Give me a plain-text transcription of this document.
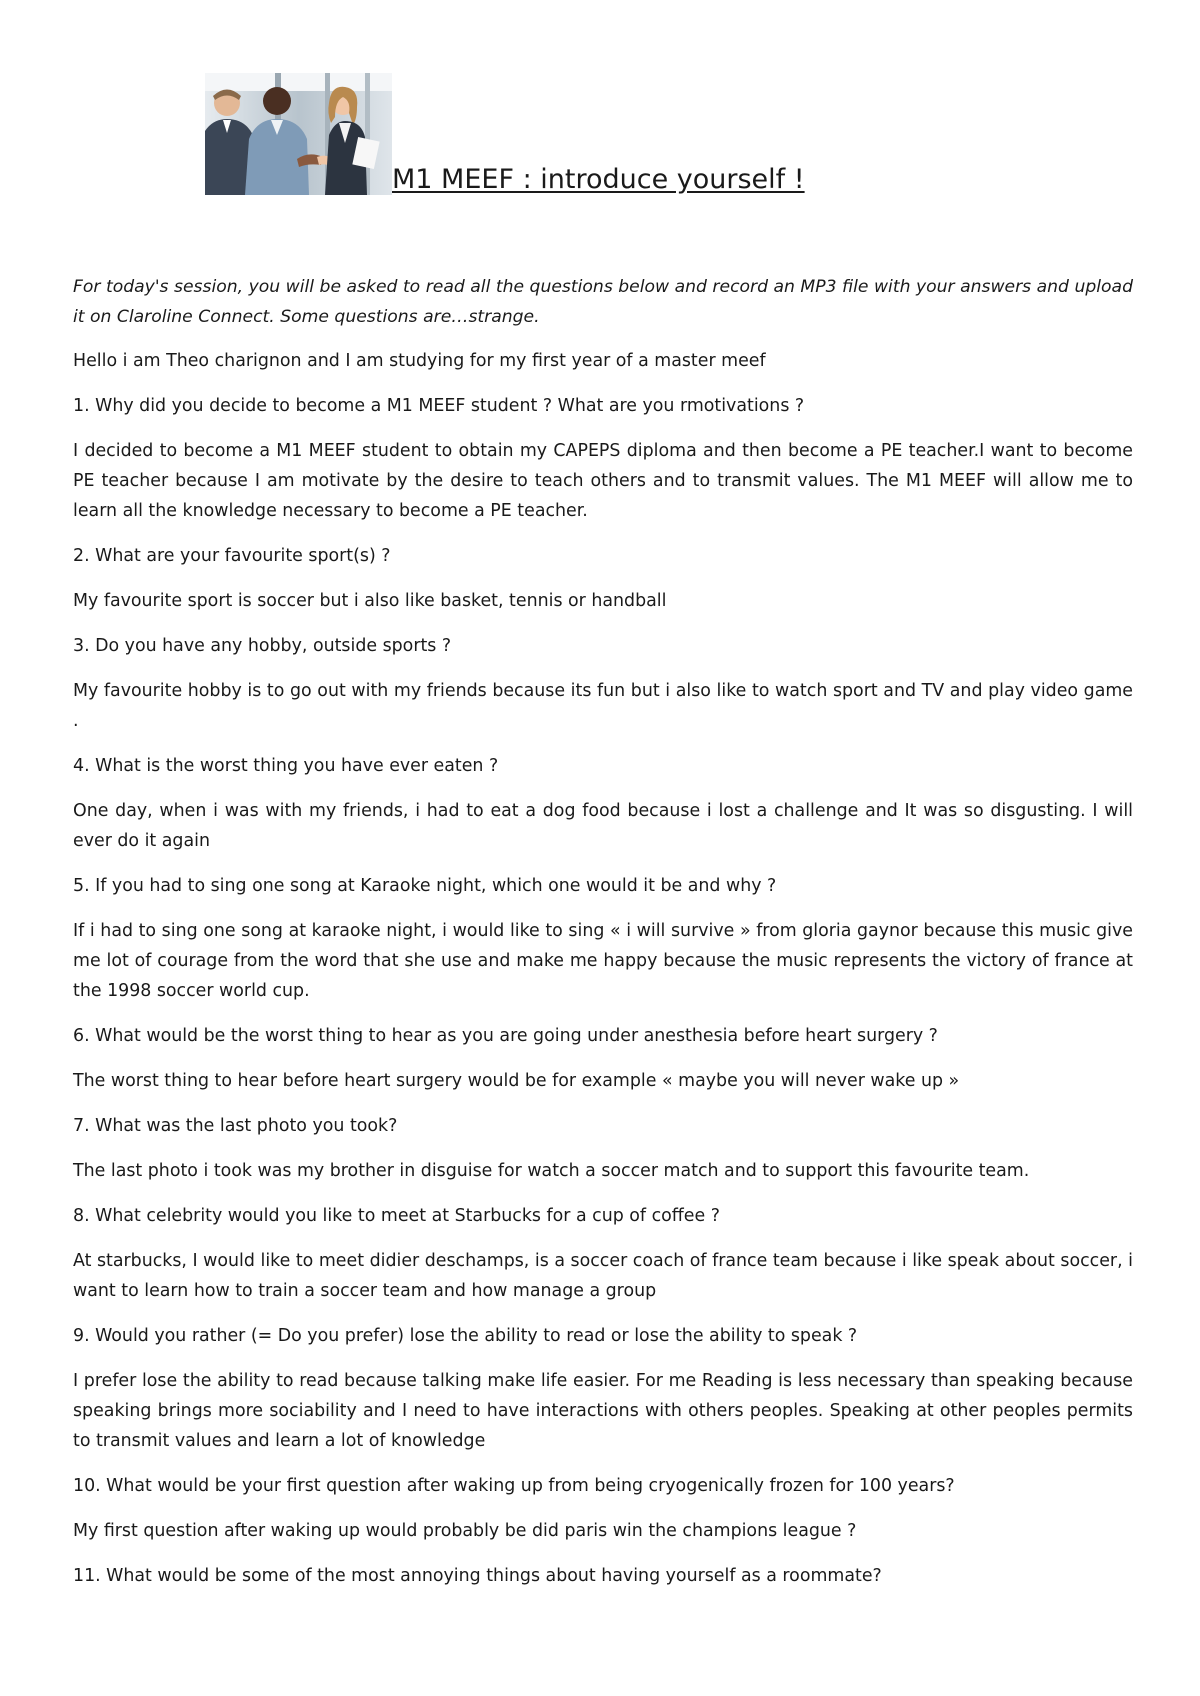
M1 MEEF : introduce yourself !

For today's session, you will be asked to read all the questions below and record an MP3 file with your answers and upload it on Claroline Connect. Some questions are…strange.

Hello i am Theo charignon and I am studying for my first year of a master meef

1. Why did you decide to become a M1 MEEF student ? What are you rmotivations ?

I decided to become a M1 MEEF student to obtain my CAPEPS diploma and then become a PE teacher.I want to become PE teacher because I am motivate by the desire to teach others and to transmit values. The M1 MEEF will allow me to learn all the knowledge necessary to become a PE teacher.

2. What are your favourite sport(s) ?

My favourite sport is soccer but i also like basket, tennis or handball

3. Do you have any hobby, outside sports ?

My favourite hobby is to go out with my friends because its fun but i also like to watch sport and TV and play video game .

4. What is the worst thing you have ever eaten ?

One day, when i was with my friends, i had to eat a dog food because i lost a challenge and It was so disgusting. I will ever do it again

5. If you had to sing one song at Karaoke night, which one would it be and why ?

If i had to sing one song at karaoke night, i would like to sing « i will survive » from gloria gaynor because this music give me lot of courage from the word that she use and make me happy because the music represents the victory of france at the 1998 soccer world cup.

6. What would be the worst thing to hear as you are going under anesthesia before heart surgery ?

The worst thing to hear before heart surgery would be for example « maybe you will never wake up »

7. What was the last photo you took?

The last photo i took was my brother in disguise for watch a soccer match and to support this favourite team.

8. What celebrity would you like to meet at Starbucks for a cup of coffee ?

At starbucks, I would like to meet didier deschamps, is a soccer coach of france team because i like speak about soccer, i want to learn how to train a soccer team and how manage a group

9. Would you rather (= Do you prefer) lose the ability to read or lose the ability to speak ?

I prefer lose the ability to read because talking make life easier. For me Reading is less necessary than speaking because speaking brings more sociability and I need to have interactions with others peoples. Speaking at other peoples permits to transmit values and learn a lot of knowledge

10. What would be your first question after waking up from being cryogenically frozen for 100 years?

My first question after waking up would probably be did paris win the champions league ?

11. What would be some of the most annoying things about having yourself as a roommate?
